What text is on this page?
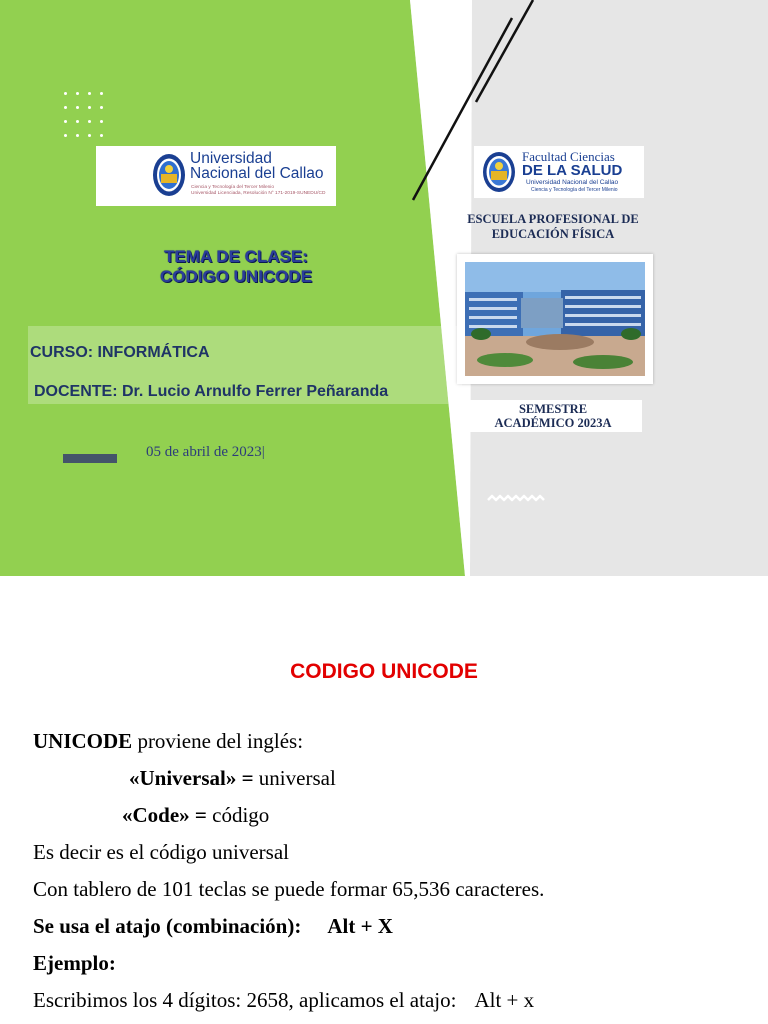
Universidad
Nacional del Callao
Ciencia y Tecnología del Tercer Milenio
Universidad Licenciada, Resolución N° 171-2019-SUNEDU/CD
Facultad Ciencias
DE LA SALUD
Universidad Nacional del Callao
Ciencia y Tecnología del Tercer Milenio
ESCUELA PROFESIONAL DE
EDUCACIÓN FÍSICA
SEMESTRE
ACADÉMICO 2023A
TEMA DE CLASE:
CÓDIGO UNICODE
CURSO: INFORMÁTICA
DOCENTE: Dr. Lucio Arnulfo Ferrer Peñaranda
05 de abril de 2023|
CODIGO UNICODE
UNICODE proviene del inglés:
«Universal» = universal
«Code» = código
Es decir es el código universal
Con tablero de 101 teclas se puede formar 65,536 caracteres.
Se usa el atajo (combinación): Alt + X
Ejemplo:
Escribimos los 4 dígitos: 2658, aplicamos el atajo: Alt + x
